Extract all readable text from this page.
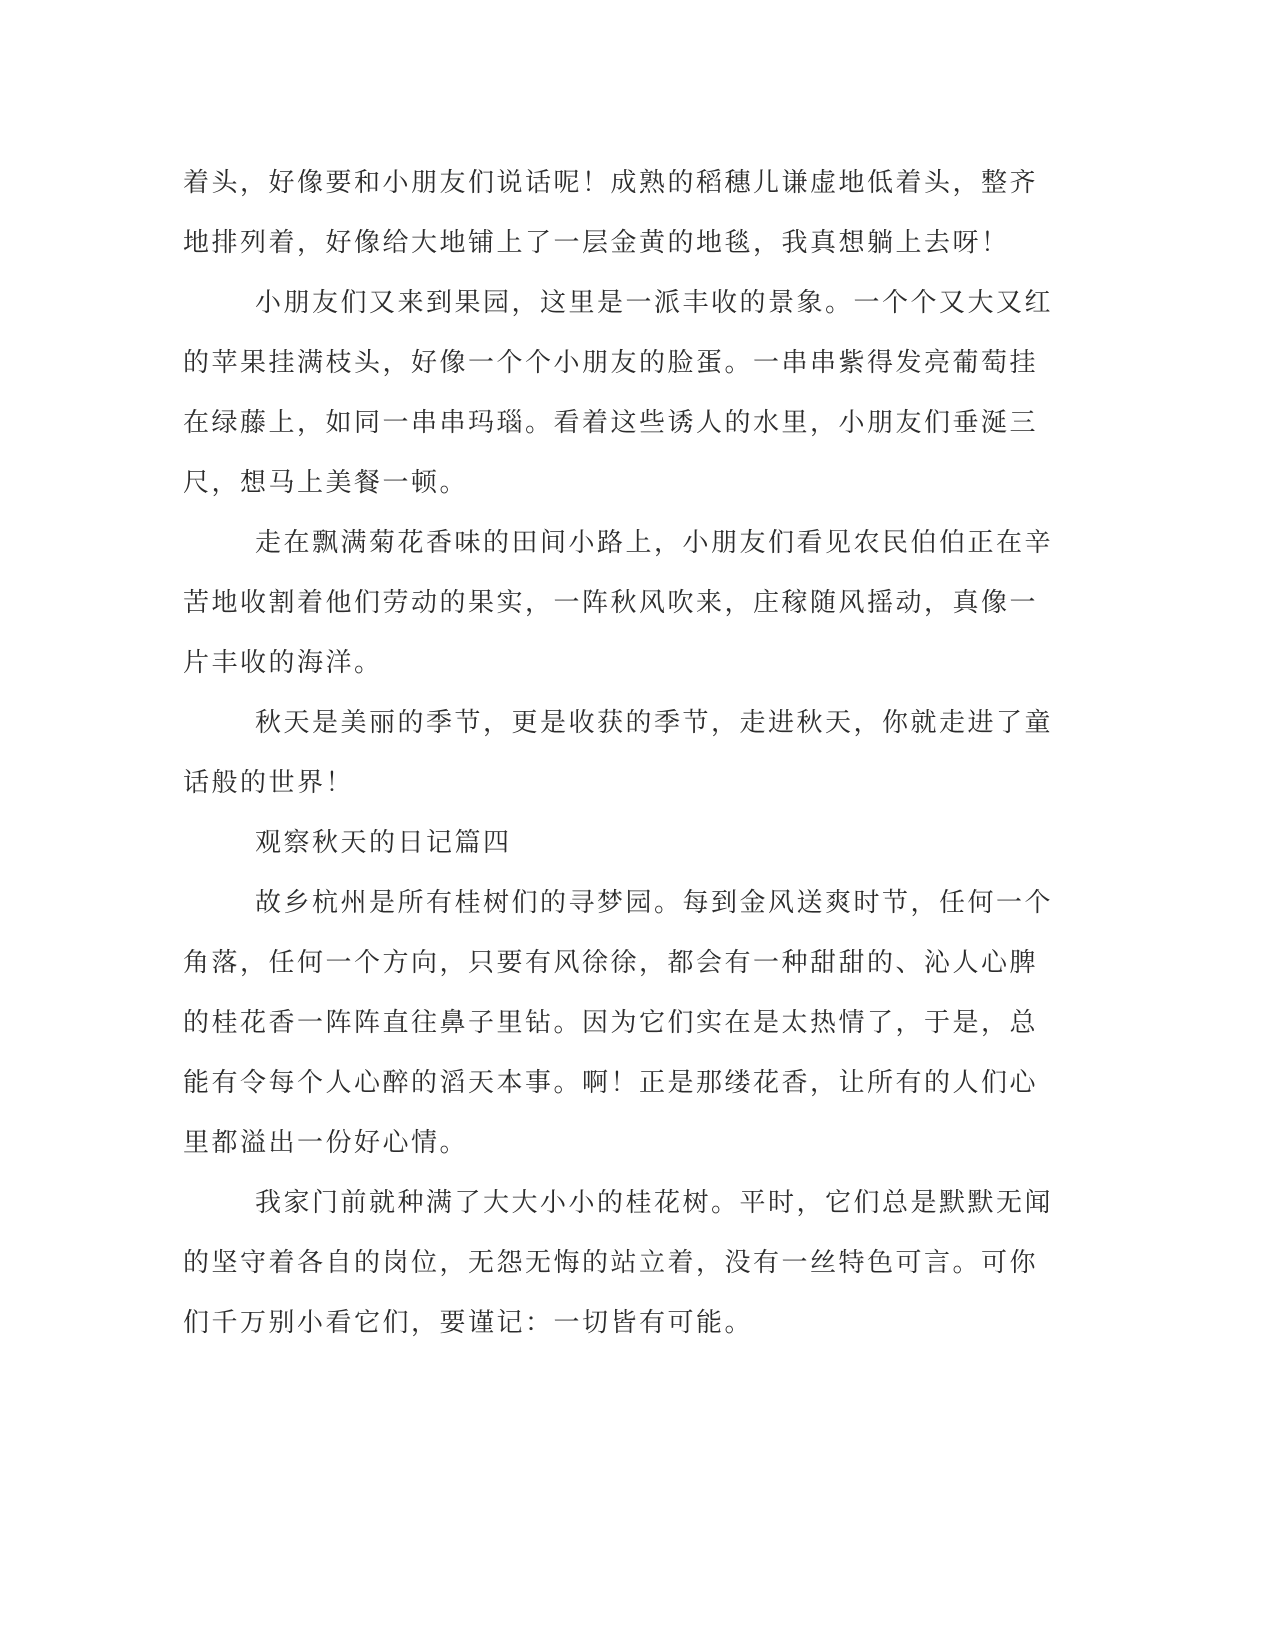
着头，好像要和小朋友们说话呢！成熟的稻穗儿谦虚地低着头，整齐
地排列着，好像给大地铺上了一层金黄的地毯，我真想躺上去呀！
小朋友们又来到果园，这里是一派丰收的景象。一个个又大又红
的苹果挂满枝头，好像一个个小朋友的脸蛋。一串串紫得发亮葡萄挂
在绿藤上，如同一串串玛瑙。看着这些诱人的水里，小朋友们垂涎三
尺，想马上美餐一顿。
走在飘满菊花香味的田间小路上，小朋友们看见农民伯伯正在辛
苦地收割着他们劳动的果实，一阵秋风吹来，庄稼随风摇动，真像一
片丰收的海洋。
秋天是美丽的季节，更是收获的季节，走进秋天，你就走进了童
话般的世界！
观察秋天的日记篇四
故乡杭州是所有桂树们的寻梦园。每到金风送爽时节，任何一个
角落，任何一个方向，只要有风徐徐，都会有一种甜甜的、沁人心脾
的桂花香一阵阵直往鼻子里钻。因为它们实在是太热情了，于是，总
能有令每个人心醉的滔天本事。啊！正是那缕花香，让所有的人们心
里都溢出一份好心情。
我家门前就种满了大大小小的桂花树。平时，它们总是默默无闻
的坚守着各自的岗位，无怨无悔的站立着，没有一丝特色可言。可你
们千万别小看它们，要谨记：一切皆有可能。
